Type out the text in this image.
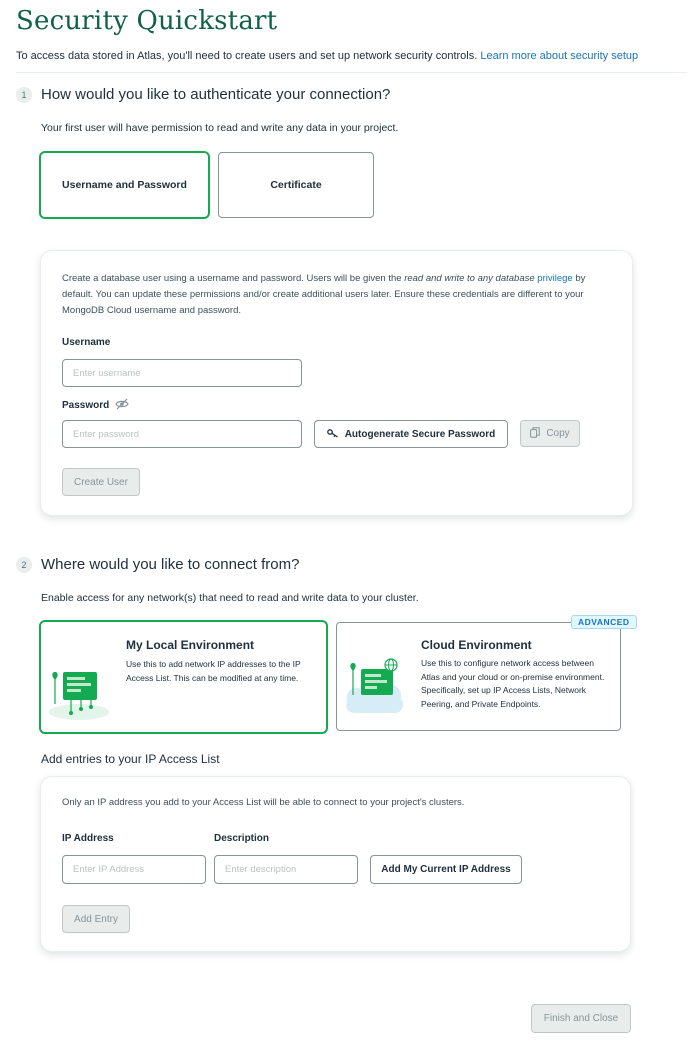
Security Quickstart
To access data stored in Atlas, you'll need to create users and set up network security controls. Learn more about security setup
1 How would you like to authenticate your connection?
Your first user will have permission to read and write any data in your project.
Username and Password	Certificate
Create a database user using a username and password. Users will be given the read and write to any database privilege by default. You can update these permissions and/or create additional users later. Ensure these credentials are different to your MongoDB Cloud username and password.
Username
Enter username
Password
Enter password
Autogenerate Secure Password	Copy
Create User
2 Where would you like to connect from?
Enable access for any network(s) that need to read and write data to your cluster.
My Local Environment
Use this to add network IP addresses to the IP Access List. This can be modified at any time.
Cloud Environment
Use this to configure network access between Atlas and your cloud or on-premise environment. Specifically, set up IP Access Lists, Network Peering, and Private Endpoints.
ADVANCED
Add entries to your IP Access List
Only an IP address you add to your Access List will be able to connect to your project's clusters.
IP Address
Enter IP Address	Description
Enter description
Add My Current IP Address
Add Entry
Finish and Close
